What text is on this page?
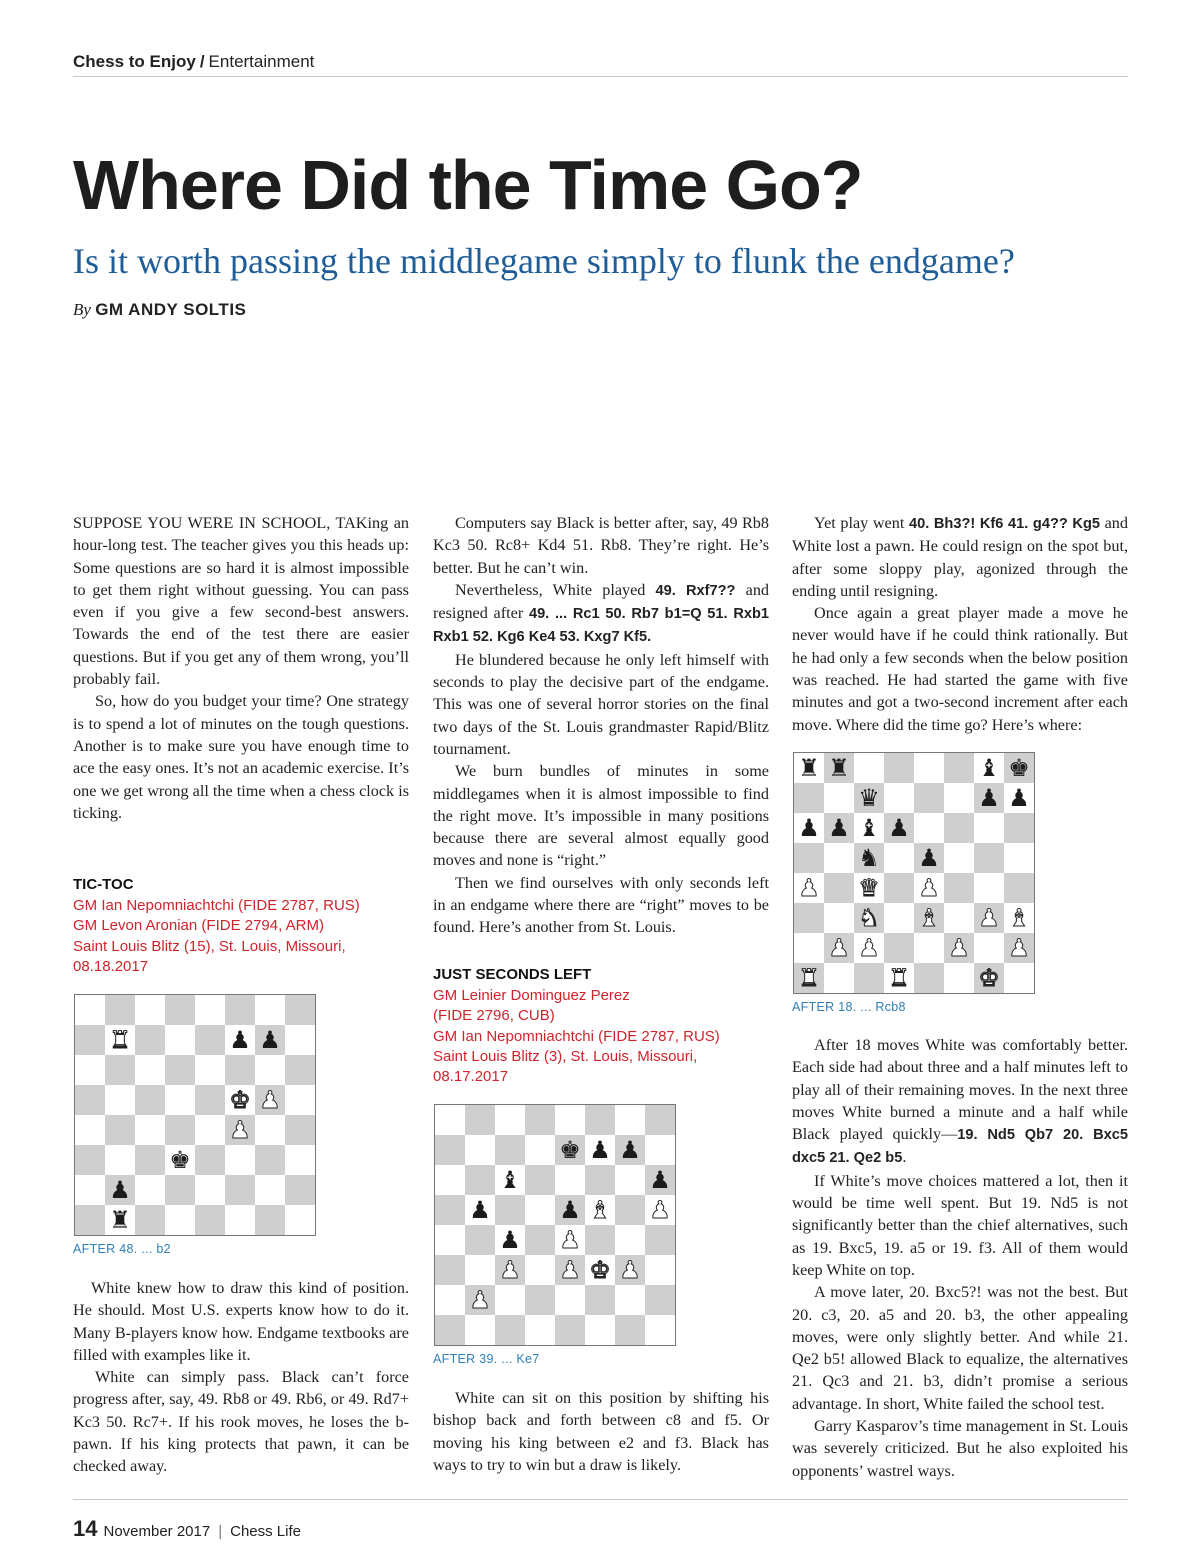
Chess to Enjoy / Entertainment
Where Did the Time Go?
Is it worth passing the middlegame simply to flunk the endgame?
By GM ANDY SOLTIS

SUPPOSE YOU WERE IN SCHOOL, TAKing an hour-long test. The teacher gives you this heads up: Some questions are so hard it is almost impossible to get them right without guessing. You can pass even if you give a few second-best answers. Towards the end of the test there are easier questions. But if you get any of them wrong, you’ll probably fail.

So, how do you budget your time? One strategy is to spend a lot of minutes on the tough questions. Another is to make sure you have enough time to ace the easy ones. It’s not an academic exercise. It’s one we get wrong all the time when a chess clock is ticking.

TIC-TOC
GM Ian Nepomniachtchi (FIDE 2787, RUS)
GM Levon Aronian (FIDE 2794, ARM)
Saint Louis Blitz (15), St. Louis, Missouri,
08.18.2017
♜	♟ ♟
♚ ♟
♟
♚
♟
♜
AFTER 48. ... b2

White knew how to draw this kind of position. He should. Most U.S. experts know how to do it. Many B-players know how. Endgame textbooks are filled with examples like it.

White can simply pass. Black can’t force progress after, say, 49. Rb8 or 49. Rb6, or 49. Rd7+ Kc3 50. Rc7+. If his rook moves, he loses the b-pawn. If his king protects that pawn, it can be checked away.

Computers say Black is better after, say, 49 Rb8 Kc3 50. Rc8+ Kd4 51. Rb8. They’re right. He’s better. But he can’t win.

Nevertheless, White played 49. Rxf7?? and resigned after 49. ... Rc1 50. Rb7 b1=Q 51. Rxb1 Rxb1 52. Kg6 Ke4 53. Kxg7 Kf5.

He blundered because he only left himself with seconds to play the decisive part of the endgame. This was one of several horror stories on the final two days of the St. Louis grandmaster Rapid/Blitz tournament.

We burn bundles of minutes in some middlegames when it is almost impossible to find the right move. It’s impossible in many positions because there are several almost equally good moves and none is “right.”

Then we find ourselves with only seconds left in an endgame where there are “right” moves to be found. Here’s another from St. Louis.

JUST SECONDS LEFT
GM Leinier Dominguez Perez
(FIDE 2796, CUB)
GM Ian Nepomniachtchi (FIDE 2787, RUS)
Saint Louis Blitz (3), St. Louis, Missouri,
08.17.2017
♚ ♟ ♟
♝	♟
♟	♟ ♝ ♟
♟ ♟
♟ ♟ ♚ ♟
♟
AFTER 39. ... Ke7

White can sit on this position by shifting his bishop back and forth between c8 and f5. Or moving his king between e2 and f3. Black has ways to try to win but a draw is likely.

Yet play went 40. Bh3?! Kf6 41. g4?? Kg5 and White lost a pawn. He could resign on the spot but, after some sloppy play, agonized through the ending until resigning.

Once again a great player made a move he never would have if he could think rationally. But he had only a few seconds when the below position was reached. He had started the game with five minutes and got a two-second increment after each move. Where did the time go? Here’s where:

♜ ♜	♝ ♚
♛	♟ ♟
♟ ♟ ♝ ♟
♞ ♟
♟ ♛ ♟
♞ ♝ ♟ ♝
♟ ♟	♟ ♟
♜	♜	♚
AFTER 18. ... Rcb8

After 18 moves White was comfortably better. Each side had about three and a half minutes left to play all of their remaining moves. In the next three moves White burned a minute and a half while Black played quickly—19. Nd5 Qb7 20. Bxc5 dxc5 21. Qe2 b5.

If White’s move choices mattered a lot, then it would be time well spent. But 19. Nd5 is not significantly better than the chief alternatives, such as 19. Bxc5, 19. a5 or 19. f3. All of them would keep White on top.

A move later, 20. Bxc5?! was not the best. But 20. c3, 20. a5 and 20. b3, the other appealing moves, were only slightly better. And while 21. Qe2 b5! allowed Black to equalize, the alternatives 21. Qc3 and 21. b3, didn’t promise a serious advantage. In short, White failed the school test.

Garry Kasparov’s time management in St. Louis was severely criticized. But he also exploited his opponents’ wastrel ways.

14 November 2017 | Chess Life
